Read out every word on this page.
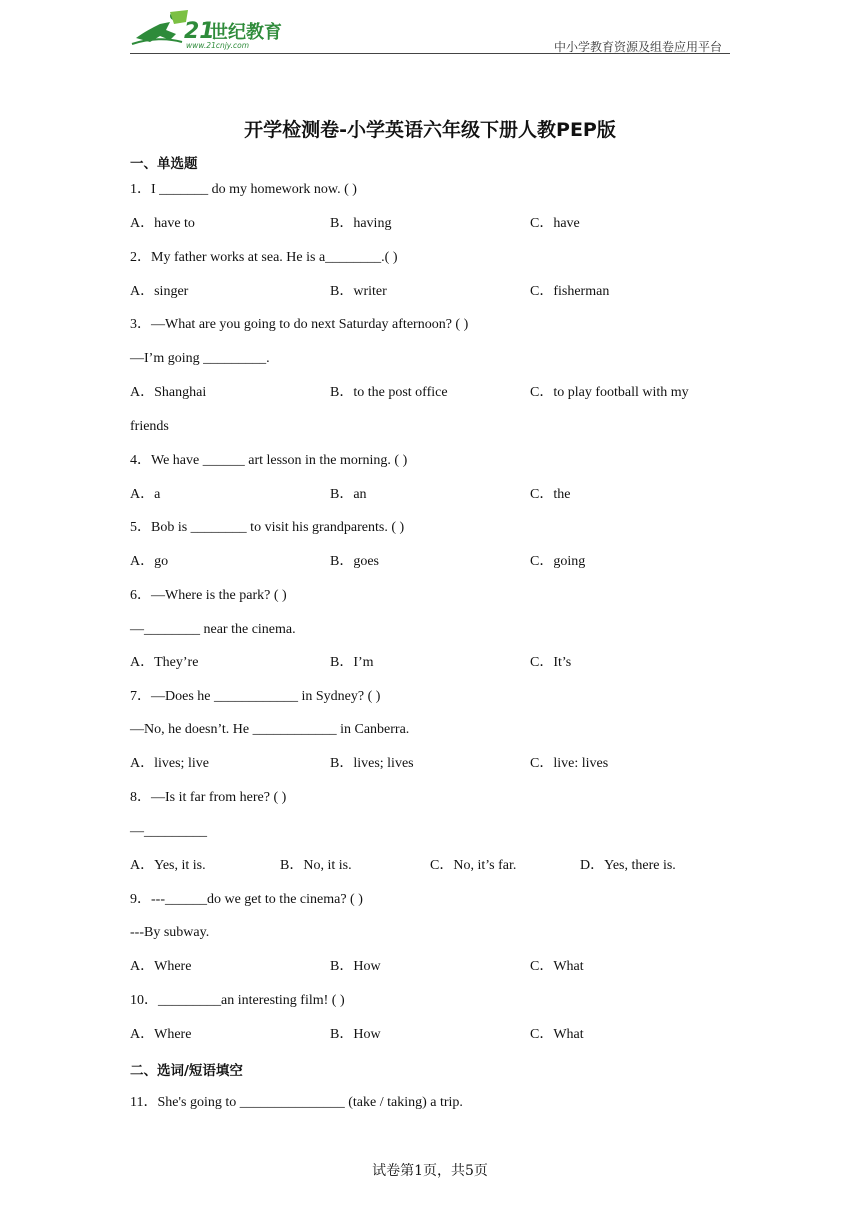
21
世纪教育
www.21cnjy.com	中小学教育资源及组卷应用平台
开学检测卷-小学英语六年级下册人教PEP版
一、单选题
1．I _______ do my homework now. ( )
A．have to	B．having	C．have
2．My father works at sea. He is a________.( )
A．singer	B．writer	C．fisherman
3．—What are you going to do next Saturday afternoon? ( )
—I’m going _________.
A．Shanghai	B．to the post office	C．to play football with my
friends
4．We have ______ art lesson in the morning. ( )
A．a	B．an	C．the
5．Bob is ________ to visit his grandparents. ( )
A．go	B．goes	C．going
6．—Where is the park? ( )
—________ near the cinema.
A．They’re	B．I’m	C．It’s
7．—Does he ____________ in Sydney? ( )
—No, he doesn’t. He ____________ in Canberra.
A．lives; live	B．lives; lives	C．live: lives
8．—Is it far from here? ( )
—_________
A．Yes, it is.	B．No, it is.	C．No, it’s far.	D．Yes, there is.
9．---______do we get to the cinema? ( )
---By subway.
A．Where	B．How	C．What
10．_________an interesting film! ( )
A．Where	B．How	C．What
二、选词/短语填空
11．She's going to _______________ (take / taking) a trip.
试卷第1页，共5页
